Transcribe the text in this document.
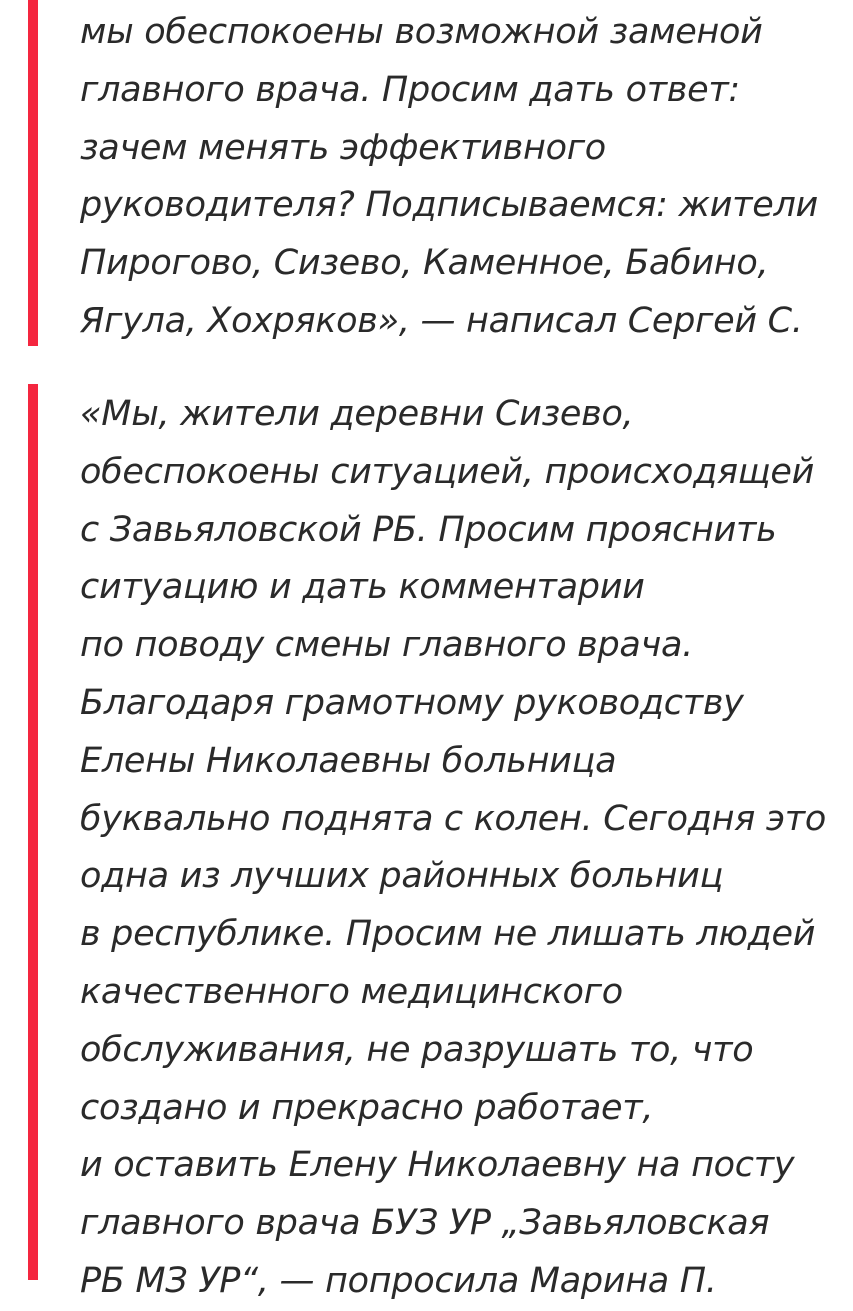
мы обеспокоены возможной заменой
главного врача. Просим дать ответ:
зачем менять эффективного
руководителя? Подписываемся: жители
Пирогово, Сизево, Каменное, Бабино,
Ягула, Хохряков», — написал Сергей С.

«Мы, жители деревни Сизево,
обеспокоены ситуацией, происходящей
с Завьяловской РБ. Просим прояснить
ситуацию и дать комментарии
по поводу смены главного врача.
Благодаря грамотному руководству
Елены Николаевны больница
буквально поднята с колен. Сегодня это
одна из лучших районных больниц
в республике. Просим не лишать людей
качественного медицинского
обслуживания, не разрушать то, что
создано и прекрасно работает,
и оставить Елену Николаевну на посту
главного врача БУЗ УР „Завьяловская
РБ МЗ УР“, — попросила Марина П.
